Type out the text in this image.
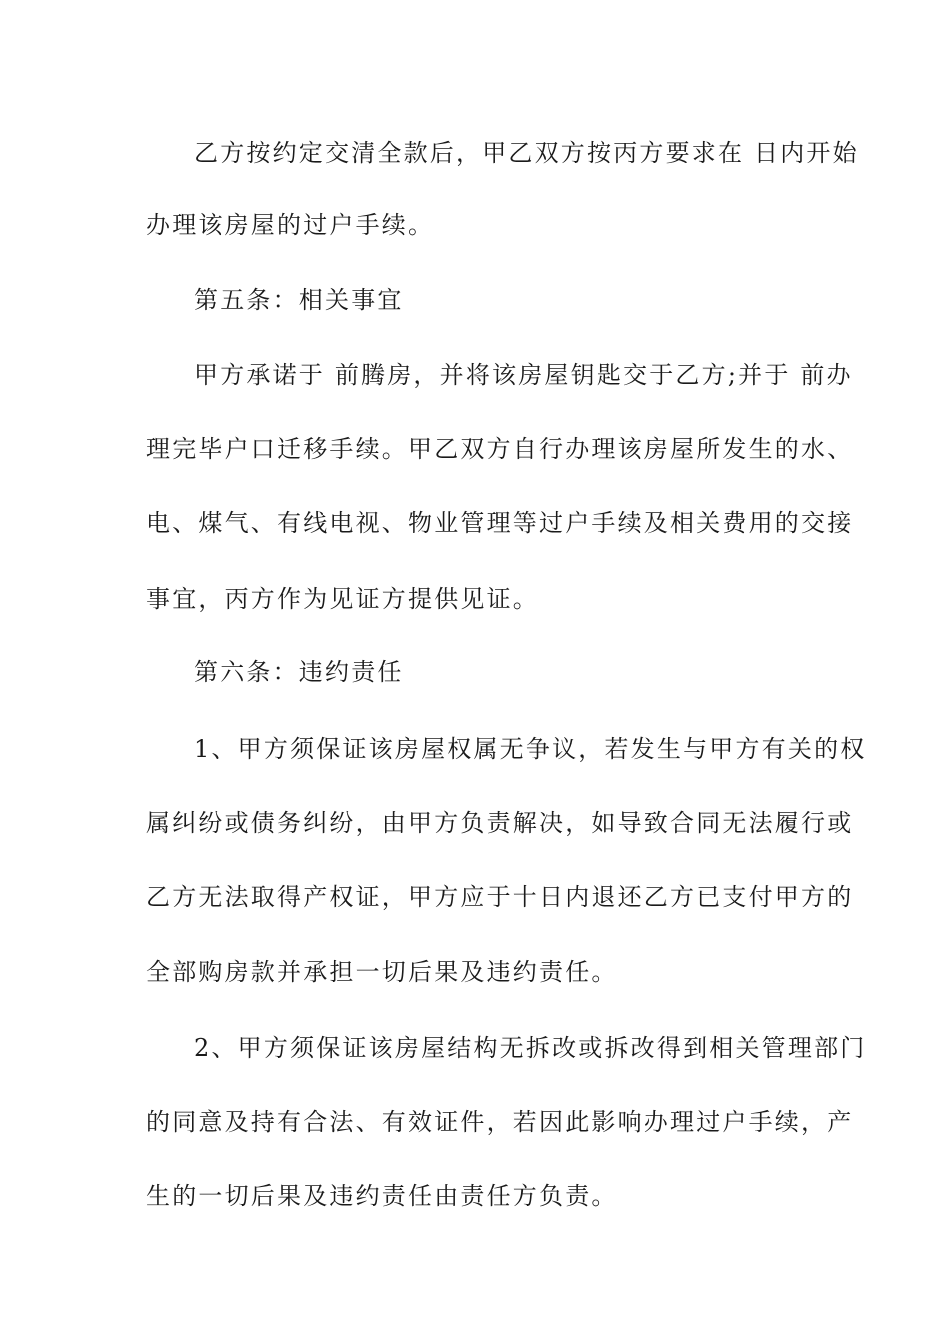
乙方按约定交清全款后，甲乙双方按丙方要求在 日内开始
办理该房屋的过户手续。
第五条：相关事宜
甲方承诺于 前腾房，并将该房屋钥匙交于乙方;并于 前办
理完毕户口迁移手续。甲乙双方自行办理该房屋所发生的水、
电、煤气、有线电视、物业管理等过户手续及相关费用的交接
事宜，丙方作为见证方提供见证。
第六条：违约责任
1、甲方须保证该房屋权属无争议，若发生与甲方有关的权
属纠纷或债务纠纷，由甲方负责解决，如导致合同无法履行或
乙方无法取得产权证，甲方应于十日内退还乙方已支付甲方的
全部购房款并承担一切后果及违约责任。
2、甲方须保证该房屋结构无拆改或拆改得到相关管理部门
的同意及持有合法、有效证件，若因此影响办理过户手续，产
生的一切后果及违约责任由责任方负责。
